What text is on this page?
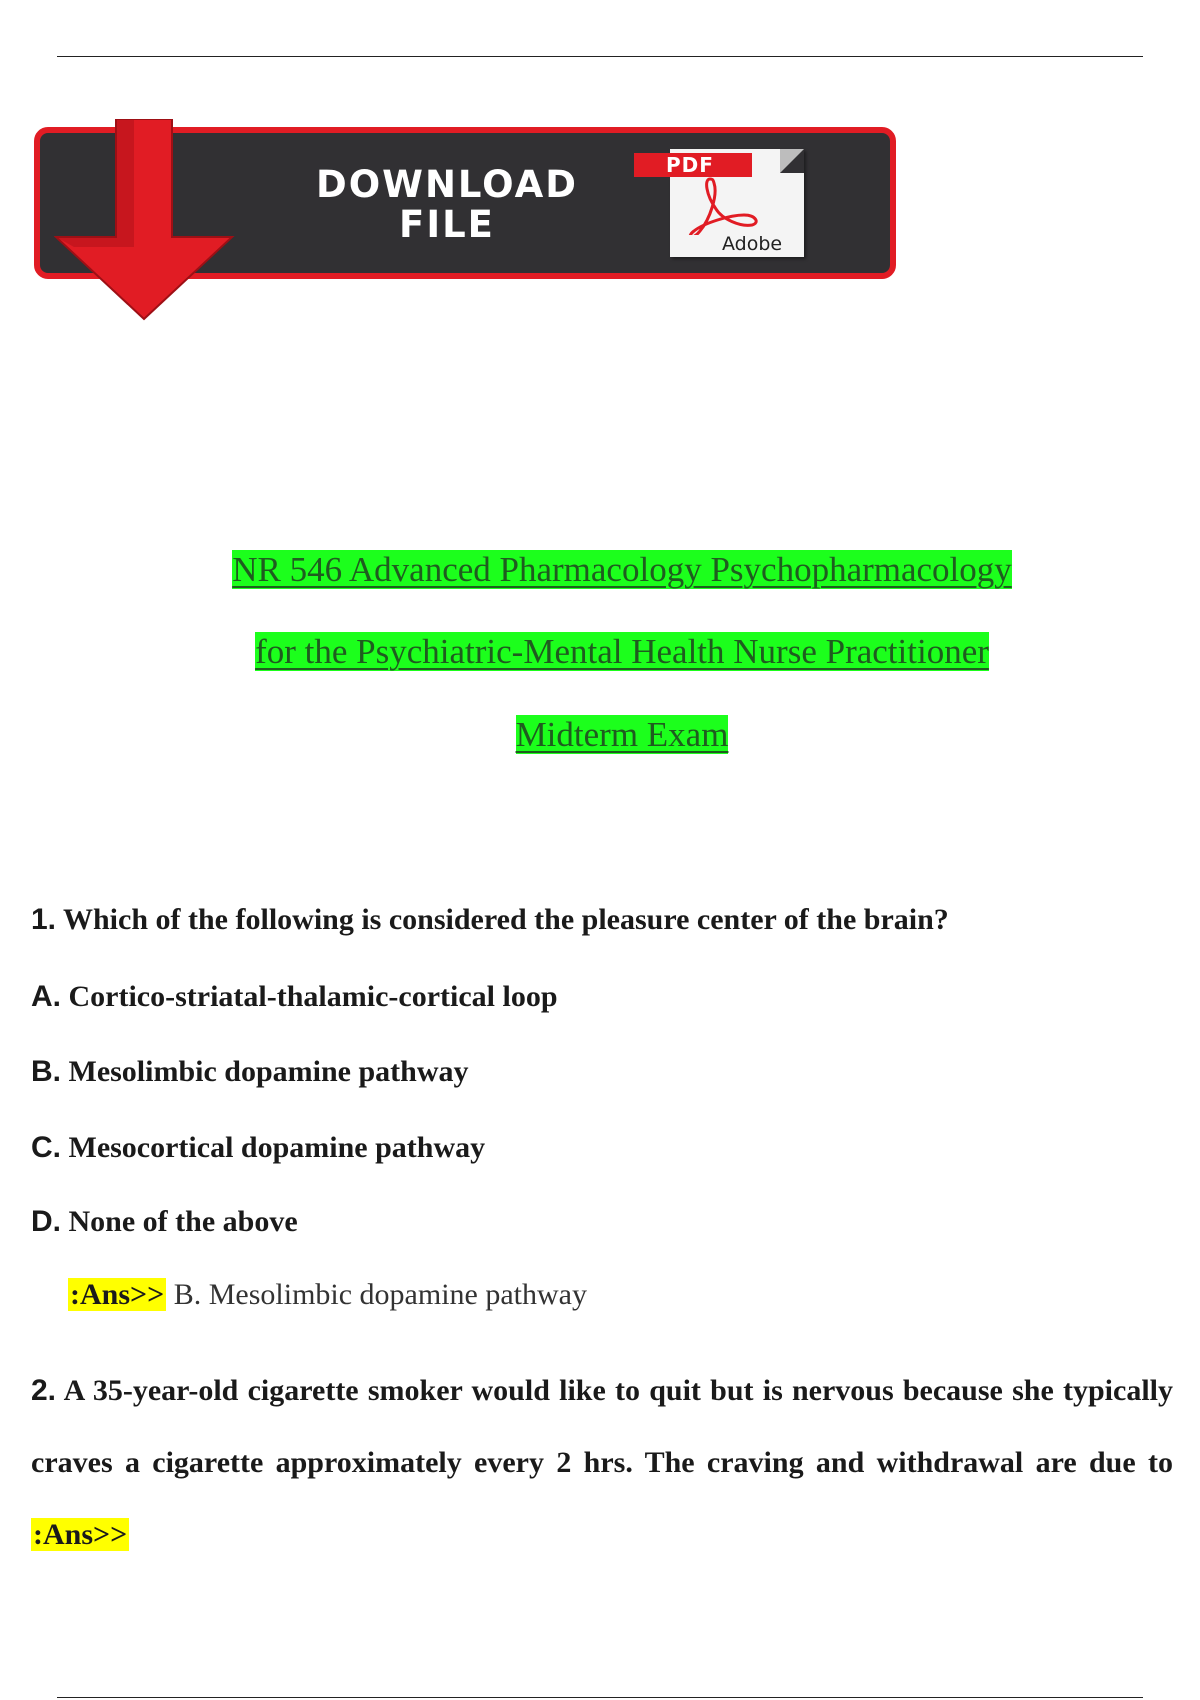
DOWNLOAD
FILE
PDF
Adobe
NR 546 Advanced Pharmacology Psychopharmacology
for the Psychiatric-Mental Health Nurse Practitioner
Midterm Exam
1. Which of the following is considered the pleasure center of the brain?
A. Cortico-striatal-thalamic-cortical loop
B. Mesolimbic dopamine pathway
C. Mesocortical dopamine pathway
D. None of the above
:Ans>> B. Mesolimbic dopamine pathway
2. A 35-year-old cigarette smoker would like to quit but is nervous because she typically craves a cigarette approximately every 2 hrs. The craving and withdrawal are due to :Ans>>
